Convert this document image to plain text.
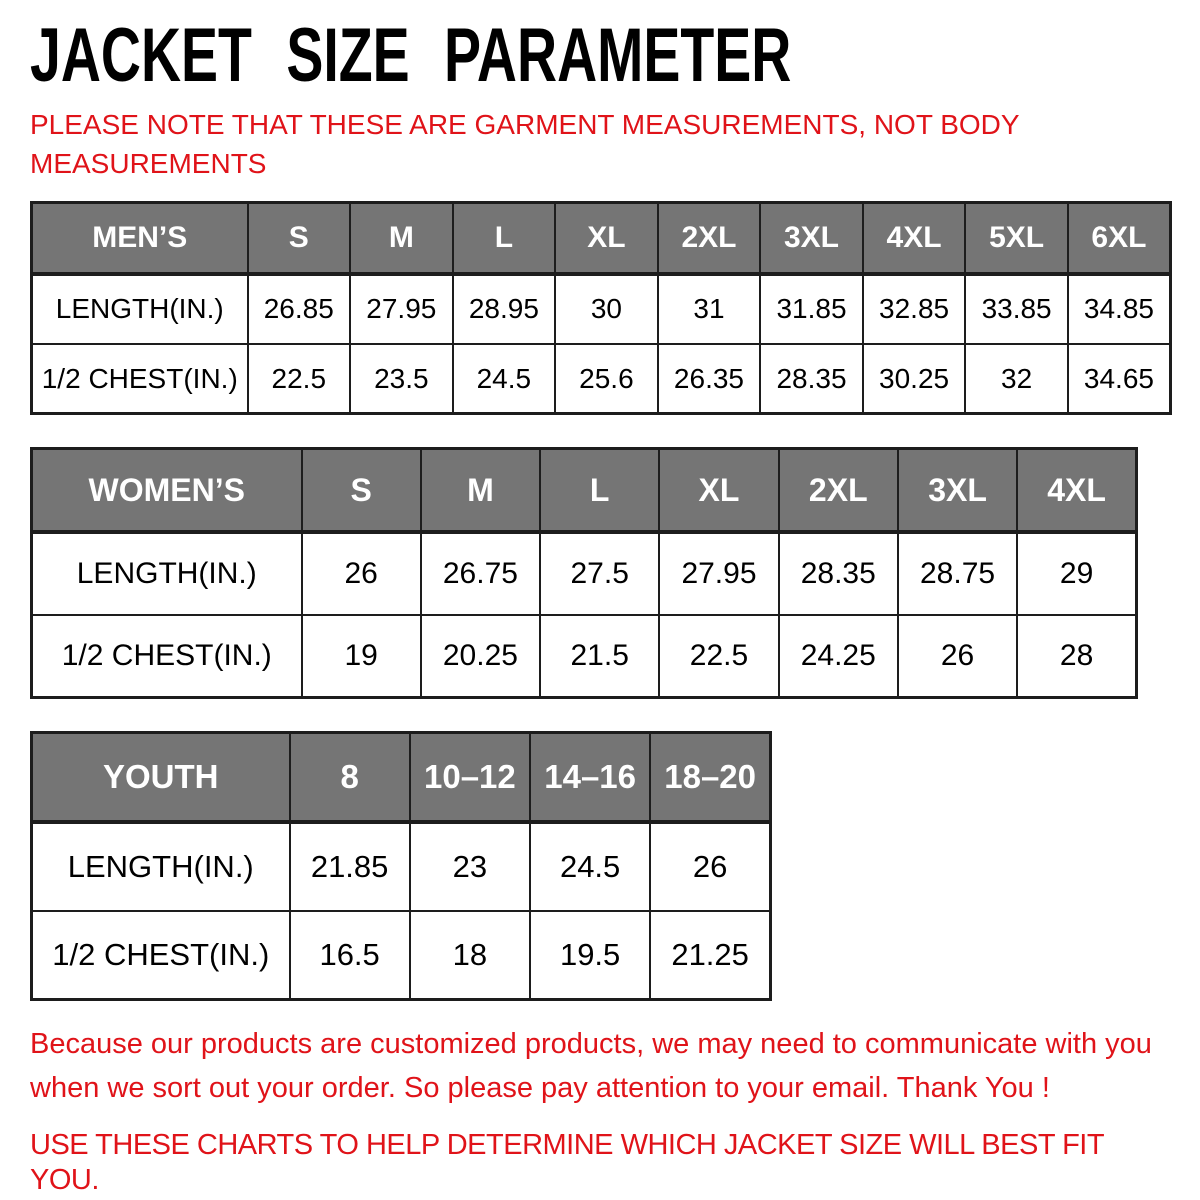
JACKET SIZE PARAMETER

PLEASE NOTE THAT THESE ARE GARMENT MEASUREMENTS, NOT BODY
MEASUREMENTS

MEN’S	S	M	L	XL	2XL	3XL	4XL	5XL	6XL
LENGTH(IN.)	26.85	27.95	28.95	30	31	31.85	32.85	33.85	34.85
1/2 CHEST(IN.)	22.5	23.5	24.5	25.6	26.35	28.35	30.25	32	34.65
WOMEN’S	S	M	L	XL	2XL	3XL	4XL
LENGTH(IN.)	26	26.75	27.5	27.95	28.35	28.75	29
1/2 CHEST(IN.)	19	20.25	21.5	22.5	24.25	26	28
YOUTH	8	10–12	14–16	18–20
LENGTH(IN.)	21.85	23	24.5	26
1/2 CHEST(IN.)	16.5	18	19.5	21.25

Because our products are customized products, we may need to communicate with you
when we sort out your order. So please pay attention to your email. Thank You !

USE THESE CHARTS TO HELP DETERMINE WHICH JACKET SIZE WILL BEST FIT YOU.
